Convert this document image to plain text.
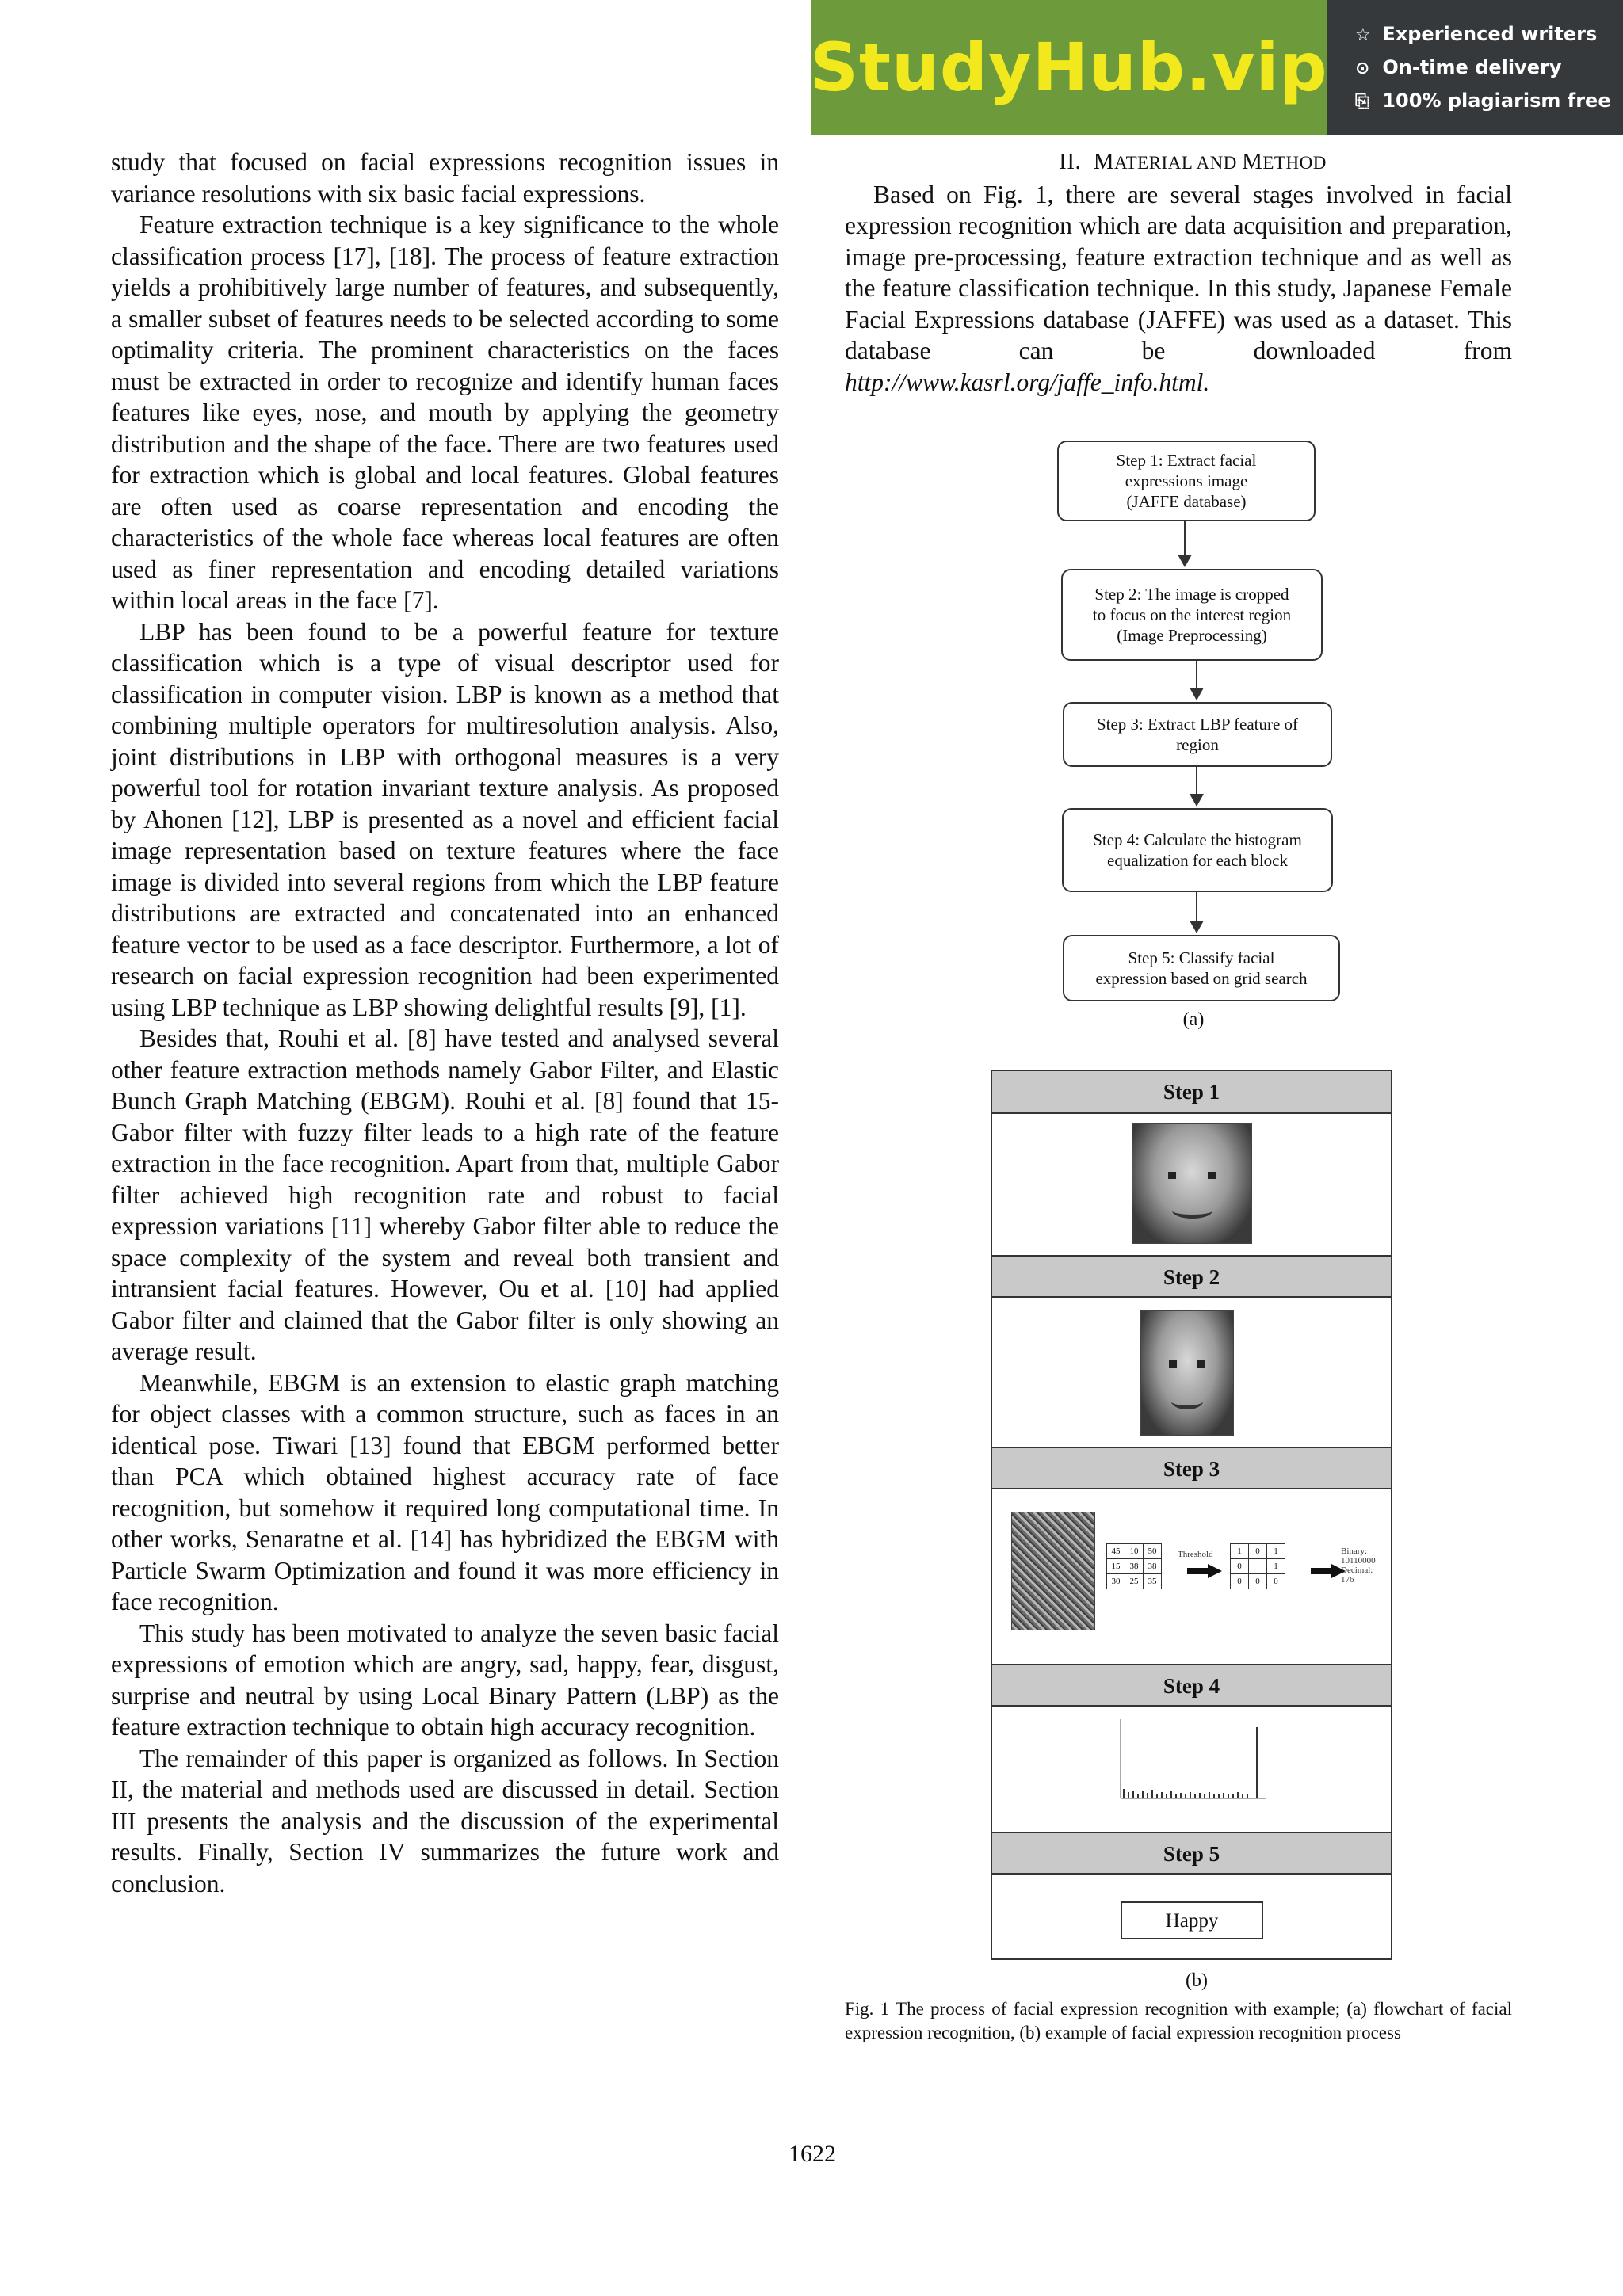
StudyHub.vip ☆ Experienced writers
⊙ On-time delivery
⎘ 100% plagiarism free

study that focused on facial expressions recognition issues in variance resolutions with six basic facial expressions.

Feature extraction technique is a key significance to the whole classification process [17], [18]. The process of feature extraction yields a prohibitively large number of features, and subsequently, a smaller subset of features needs to be selected according to some optimality criteria. The prominent characteristics on the faces must be extracted in order to recognize and identify human faces features like eyes, nose, and mouth by applying the geometry distribution and the shape of the face. There are two features used for extraction which is global and local features. Global features are often used as coarse representation and encoding the characteristics of the whole face whereas local features are often used as finer representation and encoding detailed variations within local areas in the face [7].

LBP has been found to be a powerful feature for texture classification which is a type of visual descriptor used for classification in computer vision. LBP is known as a method that combining multiple operators for multiresolution analysis. Also, joint distributions in LBP with orthogonal measures is a very powerful tool for rotation invariant texture analysis. As proposed by Ahonen [12], LBP is presented as a novel and efficient facial image representation based on texture features where the face image is divided into several regions from which the LBP feature distributions are extracted and concatenated into an enhanced feature vector to be used as a face descriptor. Furthermore, a lot of research on facial expression recognition had been experimented using LBP technique as LBP showing delightful results [9], [1].

Besides that, Rouhi et al. [8] have tested and analysed several other feature extraction methods namely Gabor Filter, and Elastic Bunch Graph Matching (EBGM). Rouhi et al. [8] found that 15-Gabor filter with fuzzy filter leads to a high rate of the feature extraction in the face recognition. Apart from that, multiple Gabor filter achieved high recognition rate and robust to facial expression variations [11] whereby Gabor filter able to reduce the space complexity of the system and reveal both transient and intransient facial features. However, Ou et al. [10] had applied Gabor filter and claimed that the Gabor filter is only showing an average result.

Meanwhile, EBGM is an extension to elastic graph matching for object classes with a common structure, such as faces in an identical pose. Tiwari [13] found that EBGM performed better than PCA which obtained highest accuracy rate of face recognition, but somehow it required long computational time. In other works, Senaratne et al. [14] has hybridized the EBGM with Particle Swarm Optimization and found it was more efficiency in face recognition.

This study has been motivated to analyze the seven basic facial expressions of emotion which are angry, sad, happy, fear, disgust, surprise and neutral by using Local Binary Pattern (LBP) as the feature extraction technique to obtain high accuracy recognition.

The remainder of this paper is organized as follows. In Section II, the material and methods used are discussed in detail. Section III presents the analysis and the discussion of the experimental results. Finally, Section IV summarizes the future work and conclusion.

II. MATERIAL AND METHOD

Based on Fig. 1, there are several stages involved in facial expression recognition which are data acquisition and preparation, image pre-processing, feature extraction technique and as well as the feature classification technique. In this study, Japanese Female Facial Expressions database (JAFFE) was used as a dataset. This database can be downloaded from http://www.kasrl.org/jaffe_info.html.

Step 1: Extract facial
expressions image
(JAFFE database)
Step 2: The image is cropped
to focus on the interest region
(Image Preprocessing)
Step 3: Extract LBP feature of
region
Step 4: Calculate the histogram
equalization for each block
Step 5: Classify facial
expression based on grid search
(a)
Step 1
Step 2
Step 3
45	10	50
15	38	38
30	25	35
Threshold	1	0	1
0		1
0	0	0
Binary:
10110000
Decimal:
176
Step 4
Step 5
Happy
(b)
Fig. 1 The process of facial expression recognition with example; (a) flowchart of facial expression recognition, (b) example of facial expression recognition process
1622
